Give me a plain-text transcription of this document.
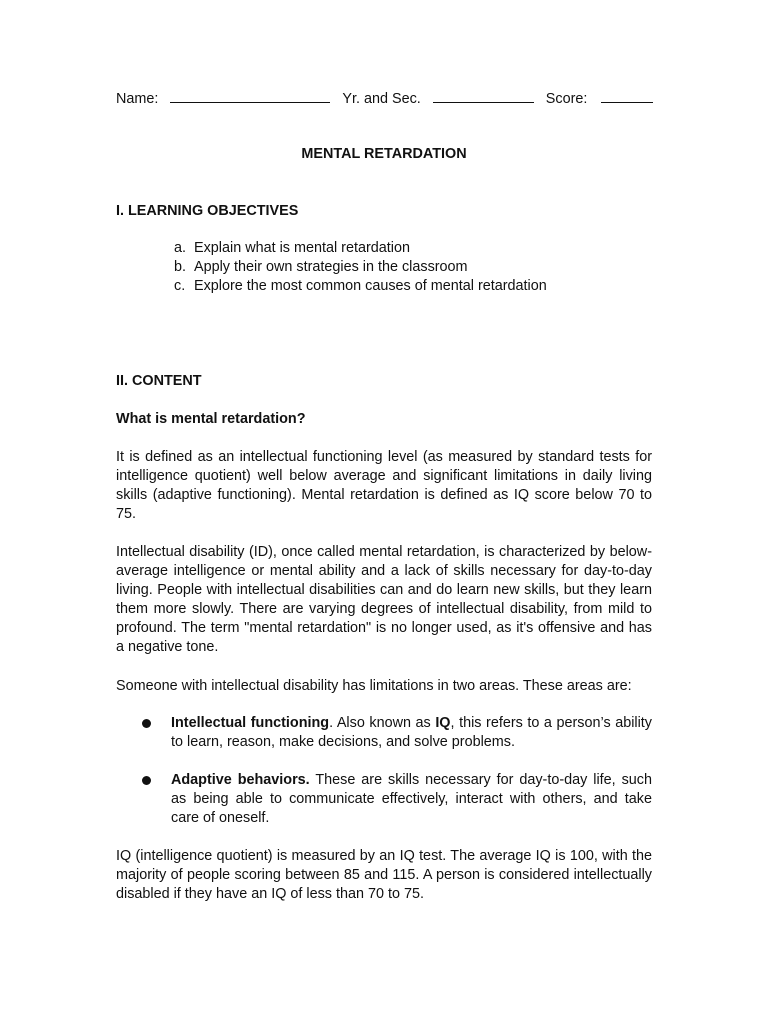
Name:	Yr. and Sec.	Score:
MENTAL RETARDATION
I. LEARNING OBJECTIVES
a. Explain what is mental retardation
b. Apply their own strategies in the classroom
c. Explore the most common causes of mental retardation
II. CONTENT
What is mental retardation?
It is defined as an intellectual functioning level (as measured by standard tests for intelligence quotient) well below average and significant limitations in daily living skills (adaptive functioning). Mental retardation is defined as IQ score below 70 to 75.
Intellectual disability (ID), once called mental retardation, is characterized by below-average intelligence or mental ability and a lack of skills necessary for day-to-day living. People with intellectual disabilities can and do learn new skills, but they learn them more slowly. There are varying degrees of intellectual disability, from mild to profound. The term "mental retardation" is no longer used, as it's offensive and has a negative tone.
Someone with intellectual disability has limitations in two areas. These areas are:
Intellectual functioning. Also known as IQ, this refers to a person’s ability to learn, reason, make decisions, and solve problems.
Adaptive behaviors. These are skills necessary for day-to-day life, such as being able to communicate effectively, interact with others, and take care of oneself.
IQ (intelligence quotient) is measured by an IQ test. The average IQ is 100, with the majority of people scoring between 85 and 115. A person is considered intellectually disabled if they have an IQ of less than 70 to 75.
